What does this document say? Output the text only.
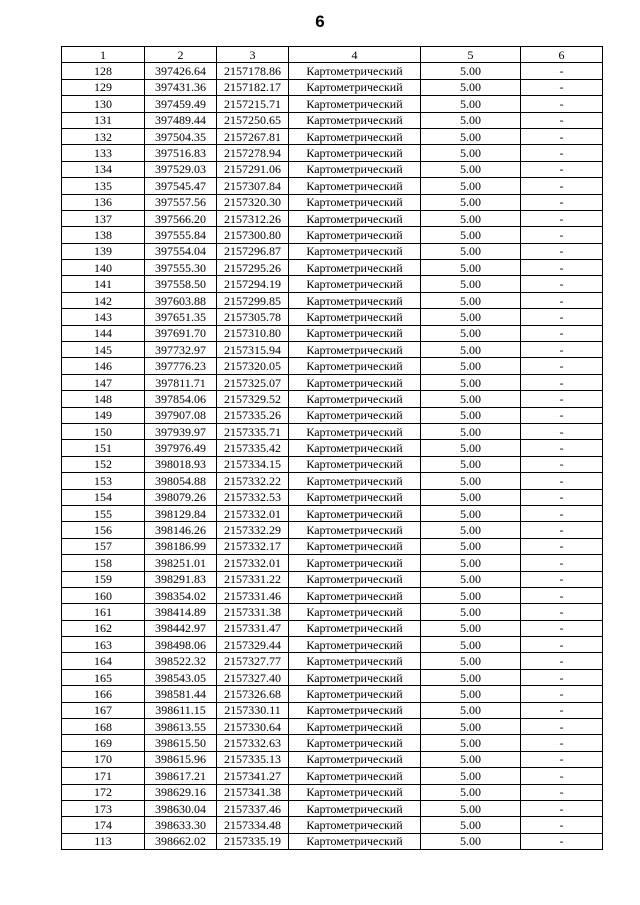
6
1	2	3	4	5	6
128	397426.64	2157178.86	Картометрический	5.00	-
129	397431.36	2157182.17	Картометрический	5.00	-
130	397459.49	2157215.71	Картометрический	5.00	-
131	397489.44	2157250.65	Картометрический	5.00	-
132	397504.35	2157267.81	Картометрический	5.00	-
133	397516.83	2157278.94	Картометрический	5.00	-
134	397529.03	2157291.06	Картометрический	5.00	-
135	397545.47	2157307.84	Картометрический	5.00	-
136	397557.56	2157320.30	Картометрический	5.00	-
137	397566.20	2157312.26	Картометрический	5.00	-
138	397555.84	2157300.80	Картометрический	5.00	-
139	397554.04	2157296.87	Картометрический	5.00	-
140	397555.30	2157295.26	Картометрический	5.00	-
141	397558.50	2157294.19	Картометрический	5.00	-
142	397603.88	2157299.85	Картометрический	5.00	-
143	397651.35	2157305.78	Картометрический	5.00	-
144	397691.70	2157310.80	Картометрический	5.00	-
145	397732.97	2157315.94	Картометрический	5.00	-
146	397776.23	2157320.05	Картометрический	5.00	-
147	397811.71	2157325.07	Картометрический	5.00	-
148	397854.06	2157329.52	Картометрический	5.00	-
149	397907.08	2157335.26	Картометрический	5.00	-
150	397939.97	2157335.71	Картометрический	5.00	-
151	397976.49	2157335.42	Картометрический	5.00	-
152	398018.93	2157334.15	Картометрический	5.00	-
153	398054.88	2157332.22	Картометрический	5.00	-
154	398079.26	2157332.53	Картометрический	5.00	-
155	398129.84	2157332.01	Картометрический	5.00	-
156	398146.26	2157332.29	Картометрический	5.00	-
157	398186.99	2157332.17	Картометрический	5.00	-
158	398251.01	2157332.01	Картометрический	5.00	-
159	398291.83	2157331.22	Картометрический	5.00	-
160	398354.02	2157331.46	Картометрический	5.00	-
161	398414.89	2157331.38	Картометрический	5.00	-
162	398442.97	2157331.47	Картометрический	5.00	-
163	398498.06	2157329.44	Картометрический	5.00	-
164	398522.32	2157327.77	Картометрический	5.00	-
165	398543.05	2157327.40	Картометрический	5.00	-
166	398581.44	2157326.68	Картометрический	5.00	-
167	398611.15	2157330.11	Картометрический	5.00	-
168	398613.55	2157330.64	Картометрический	5.00	-
169	398615.50	2157332.63	Картометрический	5.00	-
170	398615.96	2157335.13	Картометрический	5.00	-
171	398617.21	2157341.27	Картометрический	5.00	-
172	398629.16	2157341.38	Картометрический	5.00	-
173	398630.04	2157337.46	Картометрический	5.00	-
174	398633.30	2157334.48	Картометрический	5.00	-
113	398662.02	2157335.19	Картометрический	5.00	-
